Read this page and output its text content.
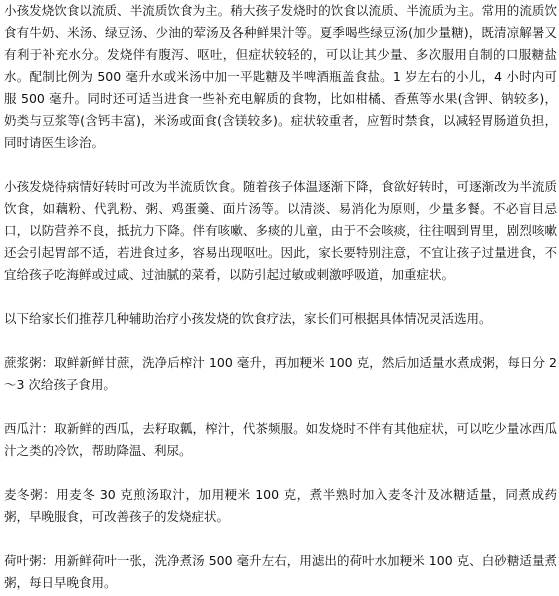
小孩发烧饮食以流质、半流质饮食为主。稍大孩子发烧时的饮食以流质、半流质为主。常用的流质饮食有牛奶、米汤、绿豆汤、少油的荤汤及各种鲜果汁等。夏季喝些绿豆汤(加少量糖)，既清凉解暑又有利于补充水分。发烧伴有腹泻、呕吐，但症状较轻的，可以让其少量、多次服用自制的口服糖盐水。配制比例为 500 毫升水或米汤中加一平匙糖及半啤酒瓶盖食盐。1 岁左右的小儿，4 小时内可服 500 毫升。同时还可适当进食一些补充电解质的食物，比如柑橘、香蕉等水果(含钾、钠较多)，奶类与豆浆等(含钙丰富)，米汤或面食(含镁较多)。症状较重者，应暂时禁食，以减轻胃肠道负担，同时请医生诊治。

小孩发烧待病情好转时可改为半流质饮食。随着孩子体温逐渐下降，食欲好转时，可逐渐改为半流质饮食，如藕粉、代乳粉、粥、鸡蛋羹、面片汤等。以清淡、易消化为原则，少量多餐。不必盲目忌口，以防营养不良，抵抗力下降。伴有咳嗽、多痰的儿童，由于不会咳痰，往往咽到胃里，剧烈咳嗽还会引起胃部不适，若进食过多，容易出现呕吐。因此，家长要特别注意，不宜让孩子过量进食，不宜给孩子吃海鲜或过咸、过油腻的菜肴，以防引起过敏或刺激呼吸道，加重症状。

以下给家长们推荐几种辅助治疗小孩发烧的饮食疗法，家长们可根据具体情况灵活选用。

蔗浆粥：取鲜新鲜甘蔗，洗净后榨汁 100 毫升，再加粳米 100 克，然后加适量水煮成粥，每日分 2～3 次给孩子食用。

西瓜汁：取新鲜的西瓜，去籽取瓤，榨汁，代茶频服。如发烧时不伴有其他症状，可以吃少量冰西瓜汁之类的冷饮，帮助降温、利尿。

麦冬粥：用麦冬 30 克煎汤取汁，加用粳米 100 克，煮半熟时加入麦冬汁及冰糖适量，同煮成药粥，早晚服食，可改善孩子的发烧症状。

荷叶粥：用新鲜荷叶一张，洗净煮汤 500 毫升左右，用滤出的荷叶水加粳米 100 克、白砂糖适量煮粥，每日早晚食用。
